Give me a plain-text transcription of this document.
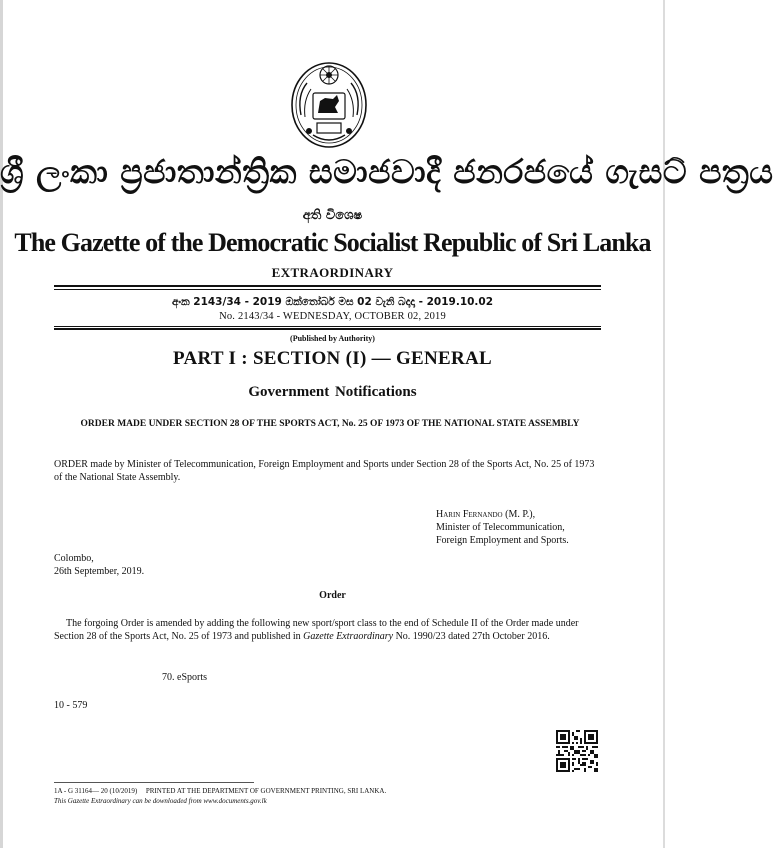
ශ්‍රී ලංකා ප්‍රජාතාන්ත්‍රික සමාජවාදී ජනරජයේ ගැසට් පත්‍රය
අති විශෙෂ
The Gazette of the Democratic Socialist Republic of Sri Lanka
EXTRAORDINARY
අංක 2143/34 - 2019 ඔක්තෝබර් මස 02 වැනි බදාදා - 2019.10.02
No. 2143/34 - WEDNESDAY, OCTOBER 02, 2019
(Published by Authority)
PART I : SECTION (I) — GENERAL
Government Notifications
ORDER MADE UNDER SECTION 28 OF THE SPORTS ACT, No. 25 OF 1973 OF THE NATIONAL STATE ASSEMBLY
ORDER made by Minister of Telecommunication, Foreign Employment and Sports under Section 28 of the Sports Act, No. 25 of 1973 of the National State Assembly.
Harin Fernando (M. P.),
Minister of Telecommunication,
Foreign Employment and Sports.
Colombo,
26th September, 2019.
Order
The forgoing Order is amended by adding the following new sport/sport class to the end of Schedule II of the Order made under Section 28 of the Sports Act, No. 25 of 1973 and published in Gazette Extraordinary No. 1990/23 dated 27th October 2016.
70. eSports
10 - 579
1A - G 31164— 20 (10/2019) PRINTED AT THE DEPARTMENT OF GOVERNMENT PRINTING, SRI LANKA.
This Gazette Extraordinary can be downloaded from www.documents.gov.lk
